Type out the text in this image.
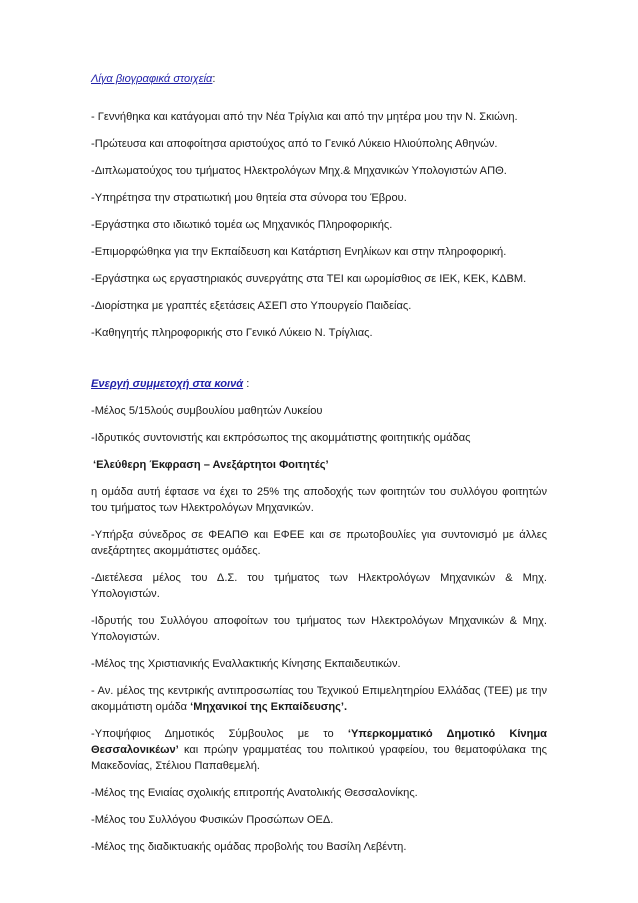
Λίγα βιογραφικά στοιχεία:

- Γεννήθηκα και κατάγομαι από την Νέα Τρίγλια και από την μητέρα μου την Ν. Σκιώνη.

-Πρώτευσα και αποφοίτησα αριστούχος από το Γενικό Λύκειο Ηλιούπολης Αθηνών.

-Διπλωματούχος του τμήματος Ηλεκτρολόγων Μηχ.& Μηχανικών Υπολογιστών ΑΠΘ.

-Υπηρέτησα την στρατιωτική μου θητεία στα σύνορα του Έβρου.

-Εργάστηκα στο ιδιωτικό τομέα ως Μηχανικός Πληροφορικής.

-Επιμορφώθηκα για την Εκπαίδευση και Κατάρτιση Ενηλίκων και στην πληροφορική.

-Εργάστηκα ως εργαστηριακός συνεργάτης στα ΤΕΙ και ωρομίσθιος σε ΙΕΚ, ΚΕΚ, ΚΔΒΜ.

-Διορίστηκα με γραπτές εξετάσεις ΑΣΕΠ στο Υπουργείο Παιδείας.

-Καθηγητής πληροφορικής στο Γενικό Λύκειο Ν. Τρίγλιας.

Ενεργή συμμετοχή στα κοινά :

-Μέλος 5/15λούς συμβουλίου μαθητών Λυκείου

-Ιδρυτικός συντονιστής και εκπρόσωπος της ακομμάτιστης φοιτητικής ομάδας

‘Ελεύθερη Έκφραση – Ανεξάρτητοι Φοιτητές’

η ομάδα αυτή έφτασε να έχει το 25% της αποδοχής των φοιτητών του συλλόγου φοιτητών του τμήματος των Ηλεκτρολόγων Μηχανικών.

-Υπήρξα σύνεδρος σε ΦΕΑΠΘ και ΕΦΕΕ και σε πρωτοβουλίες για συντονισμό με άλλες ανεξάρτητες ακομμάτιστες ομάδες.

-Διετέλεσα μέλος του Δ.Σ. του τμήματος των Ηλεκτρολόγων Μηχανικών & Μηχ. Υπολογιστών.

-Ιδρυτής του Συλλόγου αποφοίτων του τμήματος των Ηλεκτρολόγων Μηχανικών & Μηχ. Υπολογιστών.

-Μέλος της Χριστιανικής Εναλλακτικής Κίνησης Εκπαιδευτικών.

- Αν. μέλος της κεντρικής αντιπροσωπίας του Τεχνικού Επιμελητηρίου Ελλάδας (ΤΕΕ) με την ακομμάτιστη ομάδα ‘Μηχανικοί της Εκπαίδευσης’.

-Υποψήφιος Δημοτικός Σύμβουλος με το ‘Υπερκομματικό Δημοτικό Κίνημα Θεσσαλονικέων’ και πρώην γραμματέας του πολιτικού γραφείου, του θεματοφύλακα της Μακεδονίας, Στέλιου Παπαθεμελή.

-Μέλος της Ενιαίας σχολικής επιτροπής Ανατολικής Θεσσαλονίκης.

-Μέλος του Συλλόγου Φυσικών Προσώπων ΟΕΔ.

-Μέλος της διαδικτυακής ομάδας προβολής του Βασίλη Λεβέντη.
